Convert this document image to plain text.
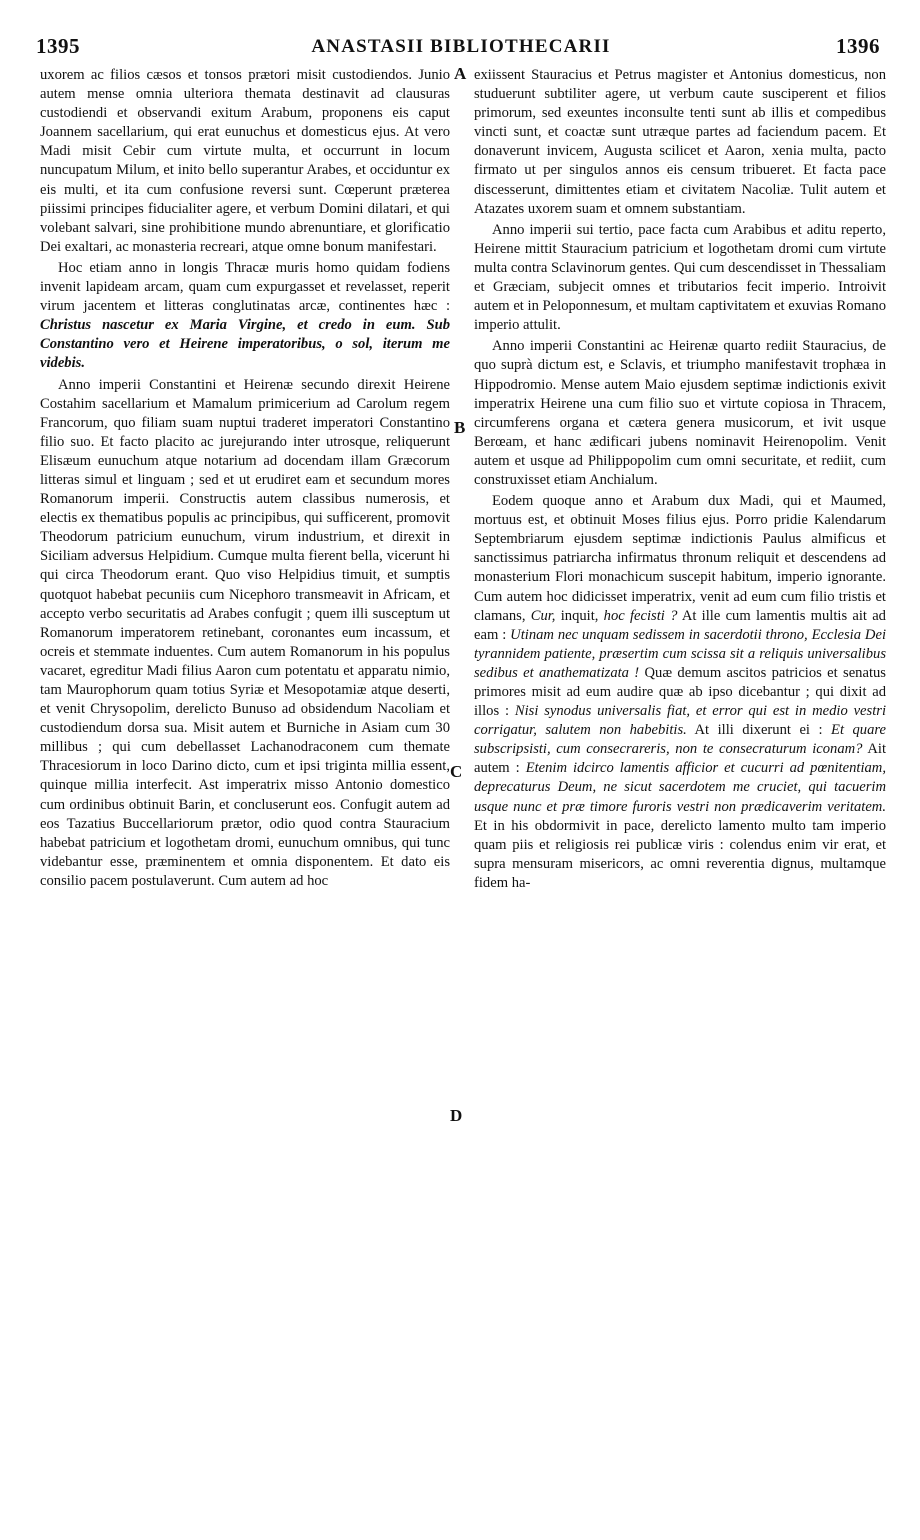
1395	ANASTASII BIBLIOTHECARII	1396
A
B
C
D

uxorem ac filios cæsos et tonsos prætori misit custodiendos. Junio autem mense omnia ulteriora themata destinavit ad clausuras custodiendi et observandi exitum Arabum, proponens eis caput Joannem sacellarium, qui erat eunuchus et domesticus ejus. At vero Madi misit Cebir cum virtute multa, et occurrunt in locum nuncupatum Milum, et inito bello superantur Arabes, et occiduntur ex eis multi, et ita cum confusione reversi sunt. Cœperunt præterea piissimi principes fiducialiter agere, et verbum Domini dilatari, et qui volebant salvari, sine prohibitione mundo abrenuntiare, et glorificatio Dei exaltari, ac monasteria recreari, atque omne bonum manifestari.

Hoc etiam anno in longis Thracæ muris homo quidam fodiens invenit lapideam arcam, quam cum expurgasset et revelasset, reperit virum jacentem et litteras conglutinatas arcæ, continentes hæc : Christus nascetur ex Maria Virgine, et credo in eum. Sub Constantino vero et Heirene imperatoribus, o sol, iterum me videbis.

Anno imperii Constantini et Heirenæ secundo direxit Heirene Costahim sacellarium et Mamalum primicerium ad Carolum regem Francorum, quo filiam suam nuptui traderet imperatori Constantino filio suo. Et facto placito ac jurejurando inter utrosque, reliquerunt Elisæum eunuchum atque notarium ad docendam illam Græcorum litteras simul et linguam ; sed et ut erudiret eam et secundum mores Romanorum imperii. Constructis autem classibus numerosis, et electis ex thematibus populis ac principibus, qui sufficerent, promovit Theodorum patricium eunuchum, virum industrium, et direxit in Siciliam adversus Helpidium. Cumque multa fierent bella, vicerunt hi qui circa Theodorum erant. Quo viso Helpidius timuit, et sumptis quotquot habebat pecuniis cum Nicephoro transmeavit in Africam, et accepto verbo securitatis ad Arabes confugit ; quem illi susceptum ut Romanorum imperatorem retinebant, coronantes eum incassum, et ocreis et stemmate induentes. Cum autem Romanorum in his populus vacaret, egreditur Madi filius Aaron cum potentatu et apparatu nimio, tam Maurophorum quam totius Syriæ et Mesopotamiæ atque deserti, et venit Chrysopolim, derelicto Bunuso ad obsidendum Nacoliam et custodiendum dorsa sua. Misit autem et Burniche in Asiam cum 30 millibus ; qui cum debellasset Lachanodraconem cum themate Thracesiorum in loco Darino dicto, cum et ipsi triginta millia essent, quinque millia interfecit. Ast imperatrix misso Antonio domestico cum ordinibus obtinuit Barin, et concluserunt eos. Confugit autem ad eos Tazatius Buccellariorum prætor, odio quod contra Stauracium habebat patricium et logothetam dromi, eunuchum omnibus, qui tunc videbantur esse, præminentem et omnia disponentem. Et dato eis consilio pacem postulaverunt. Cum autem ad hoc

exiissent Stauracius et Petrus magister et Antonius domesticus, non studuerunt subtiliter agere, ut verbum caute susciperent et filios primorum, sed exeuntes inconsulte tenti sunt ab illis et compedibus vincti sunt, et coactæ sunt utræque partes ad faciendum pacem. Et donaverunt invicem, Augusta scilicet et Aaron, xenia multa, pacto firmato ut per singulos annos eis censum tribueret. Et facta pace discesserunt, dimittentes etiam et civitatem Nacoliæ. Tulit autem et Atazates uxorem suam et omnem substantiam.

Anno imperii sui tertio, pace facta cum Arabibus et aditu reperto, Heirene mittit Stauracium patricium et logothetam dromi cum virtute multa contra Sclavinorum gentes. Qui cum descendisset in Thessaliam et Græciam, subjecit omnes et tributarios fecit imperio. Introivit autem et in Peloponnesum, et multam captivitatem et exuvias Romano imperio attulit.

Anno imperii Constantini ac Heirenæ quarto rediit Stauracius, de quo suprà dictum est, e Sclavis, et triumpho manifestavit trophæa in Hippodromio. Mense autem Maio ejusdem septimæ indictionis exivit imperatrix Heirene una cum filio suo et virtute copiosa in Thracem, circumferens organa et cætera genera musicorum, et ivit usque Berœam, et hanc ædificari jubens nominavit Heirenopolim. Venit autem et usque ad Philippopolim cum omni securitate, et rediit, cum construxisset etiam Anchialum.

Eodem quoque anno et Arabum dux Madi, qui et Maumed, mortuus est, et obtinuit Moses filius ejus. Porro pridie Kalendarum Septembriarum ejusdem septimæ indictionis Paulus almificus et sanctissimus patriarcha infirmatus thronum reliquit et descendens ad monasterium Flori monachicum suscepit habitum, imperio ignorante. Cum autem hoc didicisset imperatrix, venit ad eum cum filio tristis et clamans, Cur, inquit, hoc fecisti ? At ille cum lamentis multis ait ad eam : Utinam nec unquam sedissem in sacerdotii throno, Ecclesia Dei tyrannidem patiente, præsertim cum scissa sit a reliquis universalibus sedibus et anathematizata ! Quæ demum ascitos patricios et senatus primores misit ad eum audire quæ ab ipso dicebantur ; qui dixit ad illos : Nisi synodus universalis fiat, et error qui est in medio vestri corrigatur, salutem non habebitis. At illi dixerunt ei : Et quare subscripsisti, cum consecrareris, non te consecraturum iconam? Ait autem : Etenim idcirco lamentis afficior et cucurri ad pœnitentiam, deprecaturus Deum, ne sicut sacerdotem me cruciet, qui tacuerim usque nunc et præ timore furoris vestri non prædicaverim veritatem. Et in his obdormivit in pace, derelicto lamento multo tam imperio quam piis et religiosis rei publicæ viris : colendus enim vir erat, et supra mensuram misericors, ac omni reverentia dignus, multamque fidem ha-
